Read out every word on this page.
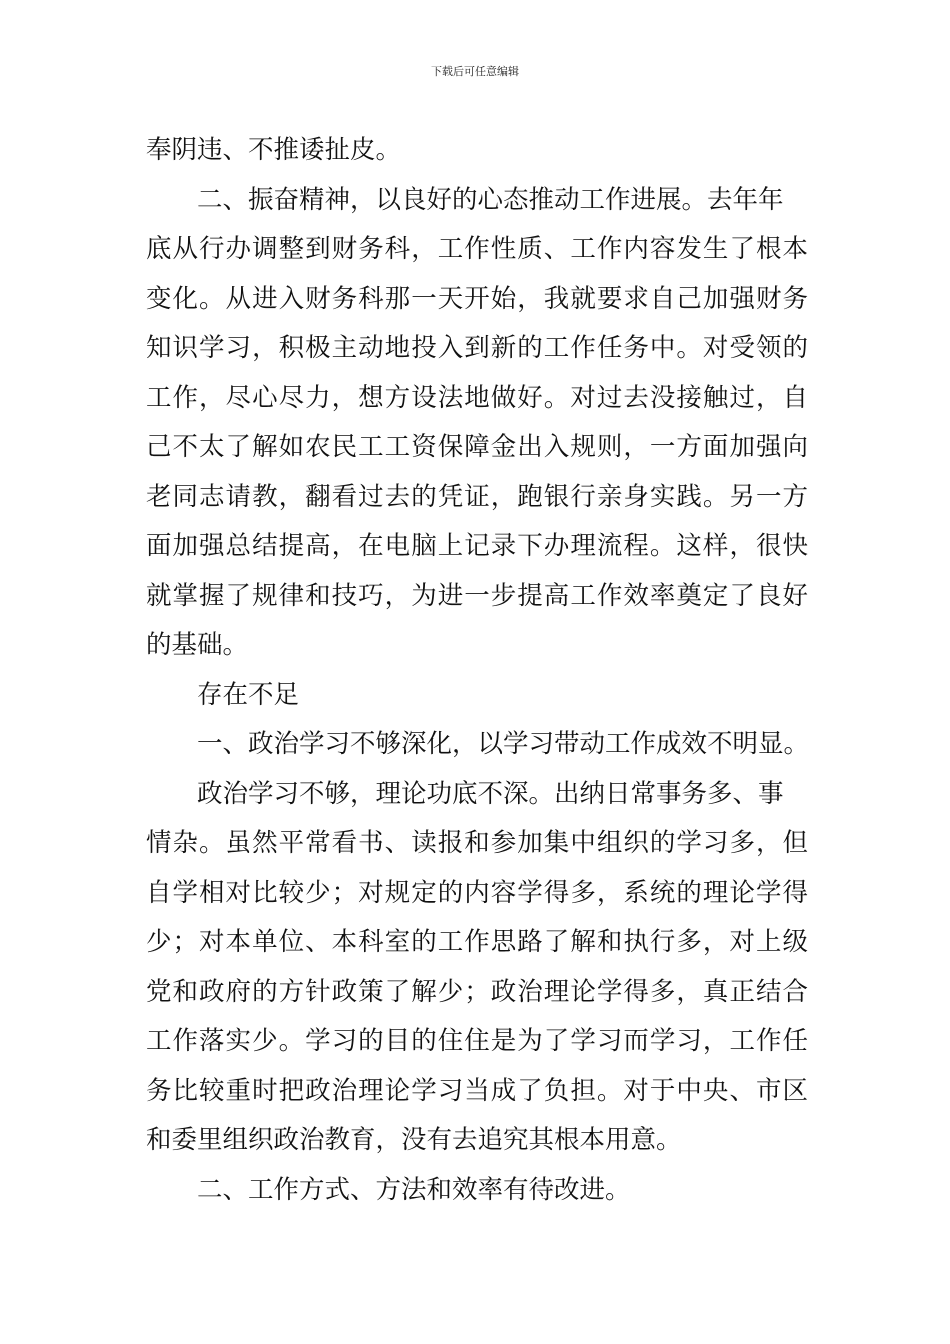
下载后可任意编辑
奉阴违、不推诿扯皮。
二、振奋精神，以良好的心态推动工作进展。去年年
底从行办调整到财务科，工作性质、工作内容发生了根本
变化。从进入财务科那一天开始，我就要求自己加强财务
知识学习，积极主动地投入到新的工作任务中。对受领的
工作，尽心尽力，想方设法地做好。对过去没接触过，自
己不太了解如农民工工资保障金出入规则，一方面加强向
老同志请教，翻看过去的凭证，跑银行亲身实践。另一方
面加强总结提高，在电脑上记录下办理流程。这样，很快
就掌握了规律和技巧，为进一步提高工作效率奠定了良好
的基础。
存在不足
一、政治学习不够深化，以学习带动工作成效不明显。
政治学习不够，理论功底不深。出纳日常事务多、事
情杂。虽然平常看书、读报和参加集中组织的学习多，但
自学相对比较少；对规定的内容学得多，系统的理论学得
少；对本单位、本科室的工作思路了解和执行多，对上级
党和政府的方针政策了解少；政治理论学得多，真正结合
工作落实少。学习的目的住住是为了学习而学习，工作任
务比较重时把政治理论学习当成了负担。对于中央、市区
和委里组织政治教育，没有去追究其根本用意。
二、工作方式、方法和效率有待改进。
